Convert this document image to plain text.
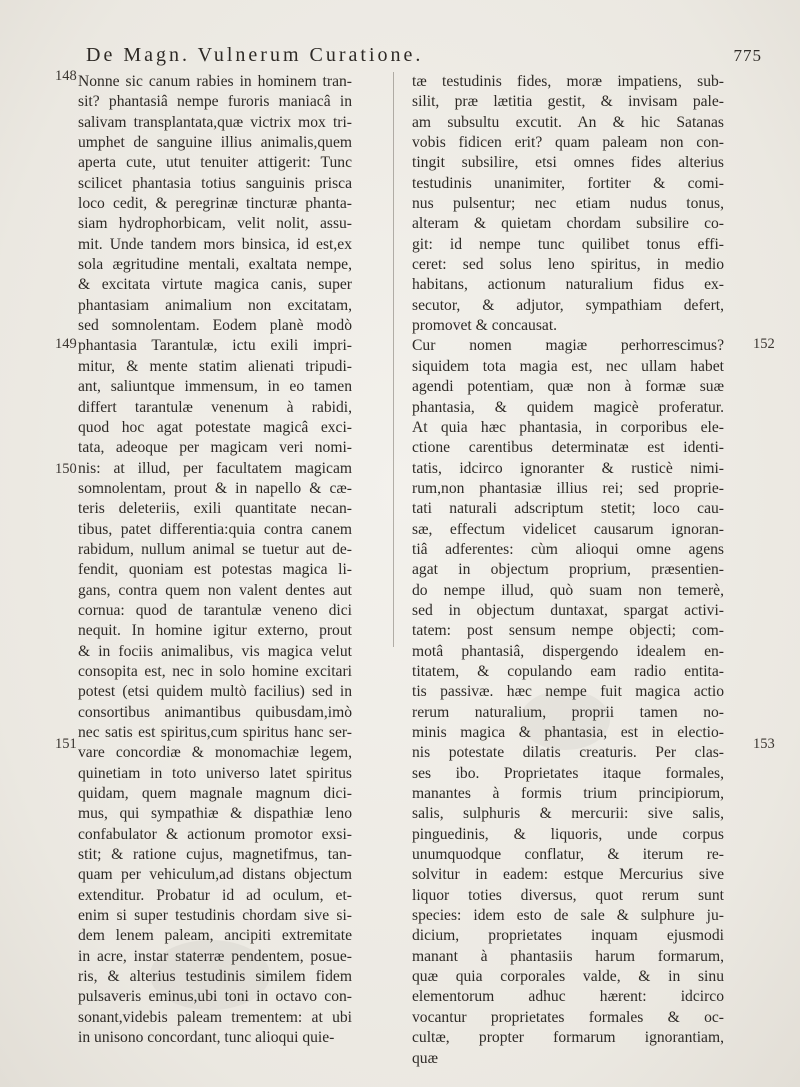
De Magn. Vulnerum Curatione.	775
148
149
150
151
152
153
Nonne sic canum rabies in hominem tran-
sit? phantasiâ nempe furoris maniacâ in
salivam transplantata,quæ victrix mox tri-
umphet de sanguine illius animalis,quem
aperta cute, utut tenuiter attigerit: Tunc
scilicet phantasia totius sanguinis prisca
loco cedit, & peregrinæ tincturæ phanta-
siam hydrophorbicam, velit nolit, assu-
mit. Unde tandem mors binsica, id est,ex
sola ægritudine mentali, exaltata nempe,
& excitata virtute magica canis, super
phantasiam animalium non excitatam,
sed somnolentam. Eodem planè modò
phantasia Tarantulæ, ictu exili impri-
mitur, & mente statim alienati tripudi-
ant, saliuntque immensum, in eo tamen
differt tarantulæ venenum à rabidi,
quod hoc agat potestate magicâ exci-
tata, adeoque per magicam veri nomi-
nis: at illud, per facultatem magicam
somnolentam, prout & in napello & cæ-
teris deleteriis, exili quantitate necan-
tibus, patet differentia:quia contra canem
rabidum, nullum animal se tuetur aut de-
fendit, quoniam est potestas magica li-
gans, contra quem non valent dentes aut
cornua: quod de tarantulæ veneno dici
nequit. In homine igitur externo, prout
& in fociis animalibus, vis magica velut
consopita est, nec in solo homine excitari
potest (etsi quidem multò facilius) sed in
consortibus animantibus quibusdam,imò
nec satis est spiritus,cum spiritus hanc ser-
vare concordiæ & monomachiæ legem,
quinetiam in toto universo latet spiritus
quidam, quem magnale magnum dici-
mus, qui sympathiæ & dispathiæ leno
confabulator & actionum promotor exsi-
stit; & ratione cujus, magnetifmus, tan-
quam per vehiculum,ad distans objectum
extenditur. Probatur id ad oculum, et-
enim si super testudinis chordam sive si-
dem lenem paleam, ancipiti extremitate
in acre, instar staterræ pendentem, posue-
ris, & alterius testudinis similem fidem
pulsaveris eminus,ubi toni in octavo con-
sonant,videbis paleam trementem: at ubi
in unisono concordant, tunc alioqui quie-
tæ testudinis fides, moræ impatiens, sub-
silit, præ lætitia gestit, & invisam pale-
am subsultu excutit. An & hic Satanas
vobis fidicen erit? quam paleam non con-
tingit subsilire, etsi omnes fides alterius
testudinis unanimiter, fortiter & comi-
nus pulsentur; nec etiam nudus tonus,
alteram & quietam chordam subsilire co-
git: id nempe tunc quilibet tonus effi-
ceret: sed solus leno spiritus, in medio
habitans, actionum naturalium fidus ex-
secutor, & adjutor, sympathiam defert,
promovet & concausat.
Cur nomen magiæ perhorrescimus?
siquidem tota magia est, nec ullam habet
agendi potentiam, quæ non à formæ suæ
phantasia, & quidem magicè proferatur.
At quia hæc phantasia, in corporibus ele-
ctione carentibus determinatæ est identi-
tatis, idcirco ignoranter & rusticè nimi-
rum,non phantasiæ illius rei; sed proprie-
tati naturali adscriptum stetit; loco cau-
sæ, effectum videlicet causarum ignoran-
tiâ adferentes: cùm alioqui omne agens
agat in objectum proprium, præsentien-
do nempe illud, quò suam non temerè,
sed in objectum duntaxat, spargat activi-
tatem: post sensum nempe objecti; com-
motâ phantasiâ, dispergendo idealem en-
titatem, & copulando eam radio entita-
tis passivæ. hæc nempe fuit magica actio
rerum naturalium, proprii tamen no-
minis magica & phantasia, est in electio-
nis potestate dilatis creaturis. Per clas-
ses ibo. Proprietates itaque formales,
manantes à formis trium principiorum,
salis, sulphuris & mercurii: sive salis,
pinguedinis, & liquoris, unde corpus
unumquodque conflatur, & iterum re-
solvitur in eadem: estque Mercurius sive
liquor toties diversus, quot rerum sunt
species: idem esto de sale & sulphure ju-
dicium, proprietates inquam ejusmodi
manant à phantasiis harum formarum,
quæ quia corporales valde, & in sinu
elementorum adhuc hærent: idcirco
vocantur proprietates formales & oc-
cultæ, propter formarum ignorantiam,
quæ
